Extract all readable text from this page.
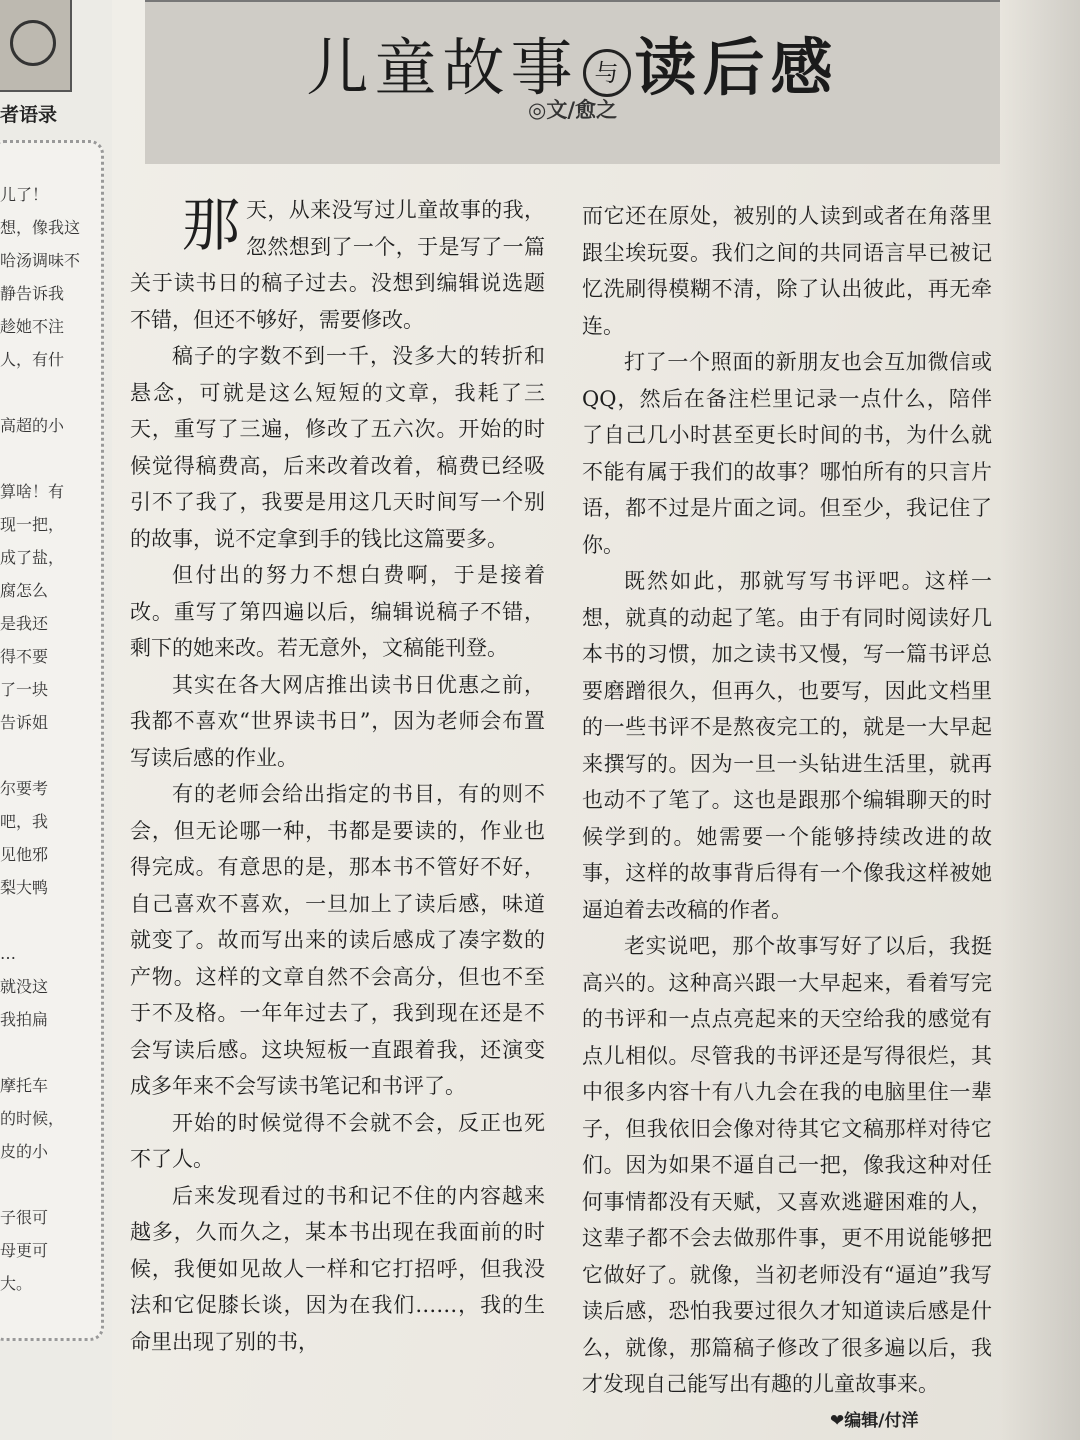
者语录
儿了！
想，像我这
哈汤调味不
静告诉我
趁她不注
人，有什
高超的小
算啥！有
现一把，
成了盐，
腐怎么
是我还
得不要
了一块
告诉姐
尔要考
吧，我
见他邪
梨大鸭
…
就没这
我拍扁
摩托车
的时候，
皮的小
子很可
母更可
大。
儿童故事 与 读后感
◎文/愈之
那 天，从来没写过儿童故事的我，忽然想到了一个，于是写了一篇关于读书日的稿子过去。没想到编辑说选题不错，但还不够好，需要修改。

稿子的字数不到一千，没多大的转折和悬念，可就是这么短短的文章，我耗了三天，重写了三遍，修改了五六次。开始的时候觉得稿费高，后来改着改着，稿费已经吸引不了我了，我要是用这几天时间写一个别的故事，说不定拿到手的钱比这篇要多。

但付出的努力不想白费啊，于是接着改。重写了第四遍以后，编辑说稿子不错，剩下的她来改。若无意外，文稿能刊登。

其实在各大网店推出读书日优惠之前，我都不喜欢“世界读书日”，因为老师会布置写读后感的作业。

有的老师会给出指定的书目，有的则不会，但无论哪一种，书都是要读的，作业也得完成。有意思的是，那本书不管好不好，自己喜欢不喜欢，一旦加上了读后感，味道就变了。故而写出来的读后感成了凑字数的产物。这样的文章自然不会高分，但也不至于不及格。一年年过去了，我到现在还是不会写读后感。这块短板一直跟着我，还演变成多年来不会写读书笔记和书评了。

开始的时候觉得不会就不会，反正也死不了人。

后来发现看过的书和记不住的内容越来越多，久而久之，某本书出现在我面前的时候，我便如见故人一样和它打招呼，但我没法和它促膝长谈，因为在我们……，我的生命里出现了别的书，

而它还在原处，被别的人读到或者在角落里跟尘埃玩耍。我们之间的共同语言早已被记忆洗刷得模糊不清，除了认出彼此，再无牵连。

打了一个照面的新朋友也会互加微信或QQ，然后在备注栏里记录一点什么，陪伴了自己几小时甚至更长时间的书，为什么就不能有属于我们的故事？哪怕所有的只言片语，都不过是片面之词。但至少，我记住了你。

既然如此，那就写写书评吧。这样一想，就真的动起了笔。由于有同时阅读好几本书的习惯，加之读书又慢，写一篇书评总要磨蹭很久，但再久，也要写，因此文档里的一些书评不是熬夜完工的，就是一大早起来撰写的。因为一旦一头钻进生活里，就再也动不了笔了。这也是跟那个编辑聊天的时候学到的。她需要一个能够持续改进的故事，这样的故事背后得有一个像我这样被她逼迫着去改稿的作者。

老实说吧，那个故事写好了以后，我挺高兴的。这种高兴跟一大早起来，看着写完的书评和一点点亮起来的天空给我的感觉有点儿相似。尽管我的书评还是写得很烂，其中很多内容十有八九会在我的电脑里住一辈子，但我依旧会像对待其它文稿那样对待它们。因为如果不逼自己一把，像我这种对任何事情都没有天赋，又喜欢逃避困难的人，这辈子都不会去做那件事，更不用说能够把它做好了。就像，当初老师没有“逼迫”我写读后感，恐怕我要过很久才知道读后感是什么，就像，那篇稿子修改了很多遍以后，我才发现自己能写出有趣的儿童故事来。

❤编辑/付洋
